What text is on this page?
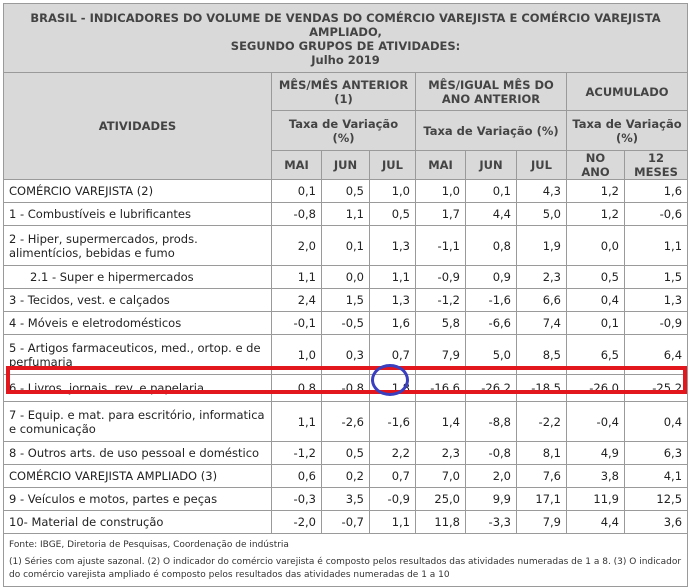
BRASIL - INDICADORES DO VOLUME DE VENDAS DO COMÉRCIO VAREJISTA E COMÉRCIO VAREJISTA AMPLIADO,
SEGUNDO GRUPOS DE ATIVIDADES:
Julho 2019								

ATIVIDADES	MÊS/MÊS ANTERIOR (1)			MÊS/IGUAL MÊS DO ANO ANTERIOR			ACUMULADO	
	Taxa de Variação (%)			Taxa de Variação (%)			Taxa de Variação (%)	
	MAI	JUN	JUL	MAI	JUN	JUL	NO ANO	12 MESES
COMÉRCIO VAREJISTA (2)	0,1	0,5	1,0	1,0	0,1	4,3	1,2	1,6
1 - Combustíveis e lubrificantes	-0,8	1,1	0,5	1,7	4,4	5,0	1,2	-0,6
2 - Hiper, supermercados, prods. alimentícios, bebidas e fumo	2,0	0,1	1,3	-1,1	0,8	1,9	0,0	1,1
2.1 - Super e hipermercados	1,1	0,0	1,1	-0,9	0,9	2,3	0,5	1,5
3 - Tecidos, vest. e calçados	2,4	1,5	1,3	-1,2	-1,6	6,6	0,4	1,3
4 - Móveis e eletrodomésticos	-0,1	-0,5	1,6	5,8	-6,6	7,4	0,1	-0,9
5 - Artigos farmaceuticos, med., ortop. e de perfumaria	1,0	0,3	0,7	7,9	5,0	8,5	6,5	6,4
6 - Livros, jornais, rev. e papelaria	0,8	-0,8	1,8	-16,6	-26,2	-18,5	-26,0	-25,2
7 - Equip. e mat. para escritório, informatica e comunicação	1,1	-2,6	-1,6	1,4	-8,8	-2,2	-0,4	0,4
8 - Outros arts. de uso pessoal e doméstico	-1,2	0,5	2,2	2,3	-0,8	8,1	4,9	6,3
COMÉRCIO VAREJISTA AMPLIADO (3)	0,6	0,2	0,7	7,0	2,0	7,6	3,8	4,1
9 - Veículos e motos, partes e peças	-0,3	3,5	-0,9	25,0	9,9	17,1	11,9	12,5
10- Material de construção	-2,0	-0,7	1,1	11,8	-3,3	7,9	4,4	3,6
Fonte: IBGE, Diretoria de Pesquisas, Coordenação de indústria								
(1) Séries com ajuste sazonal. (2) O indicador do comércio varejista é composto pelos resultados das atividades numeradas de 1 a 8. (3) O indicador do comércio varejista ampliado é composto pelos resultados das atividades numeradas de 1 a 10								
